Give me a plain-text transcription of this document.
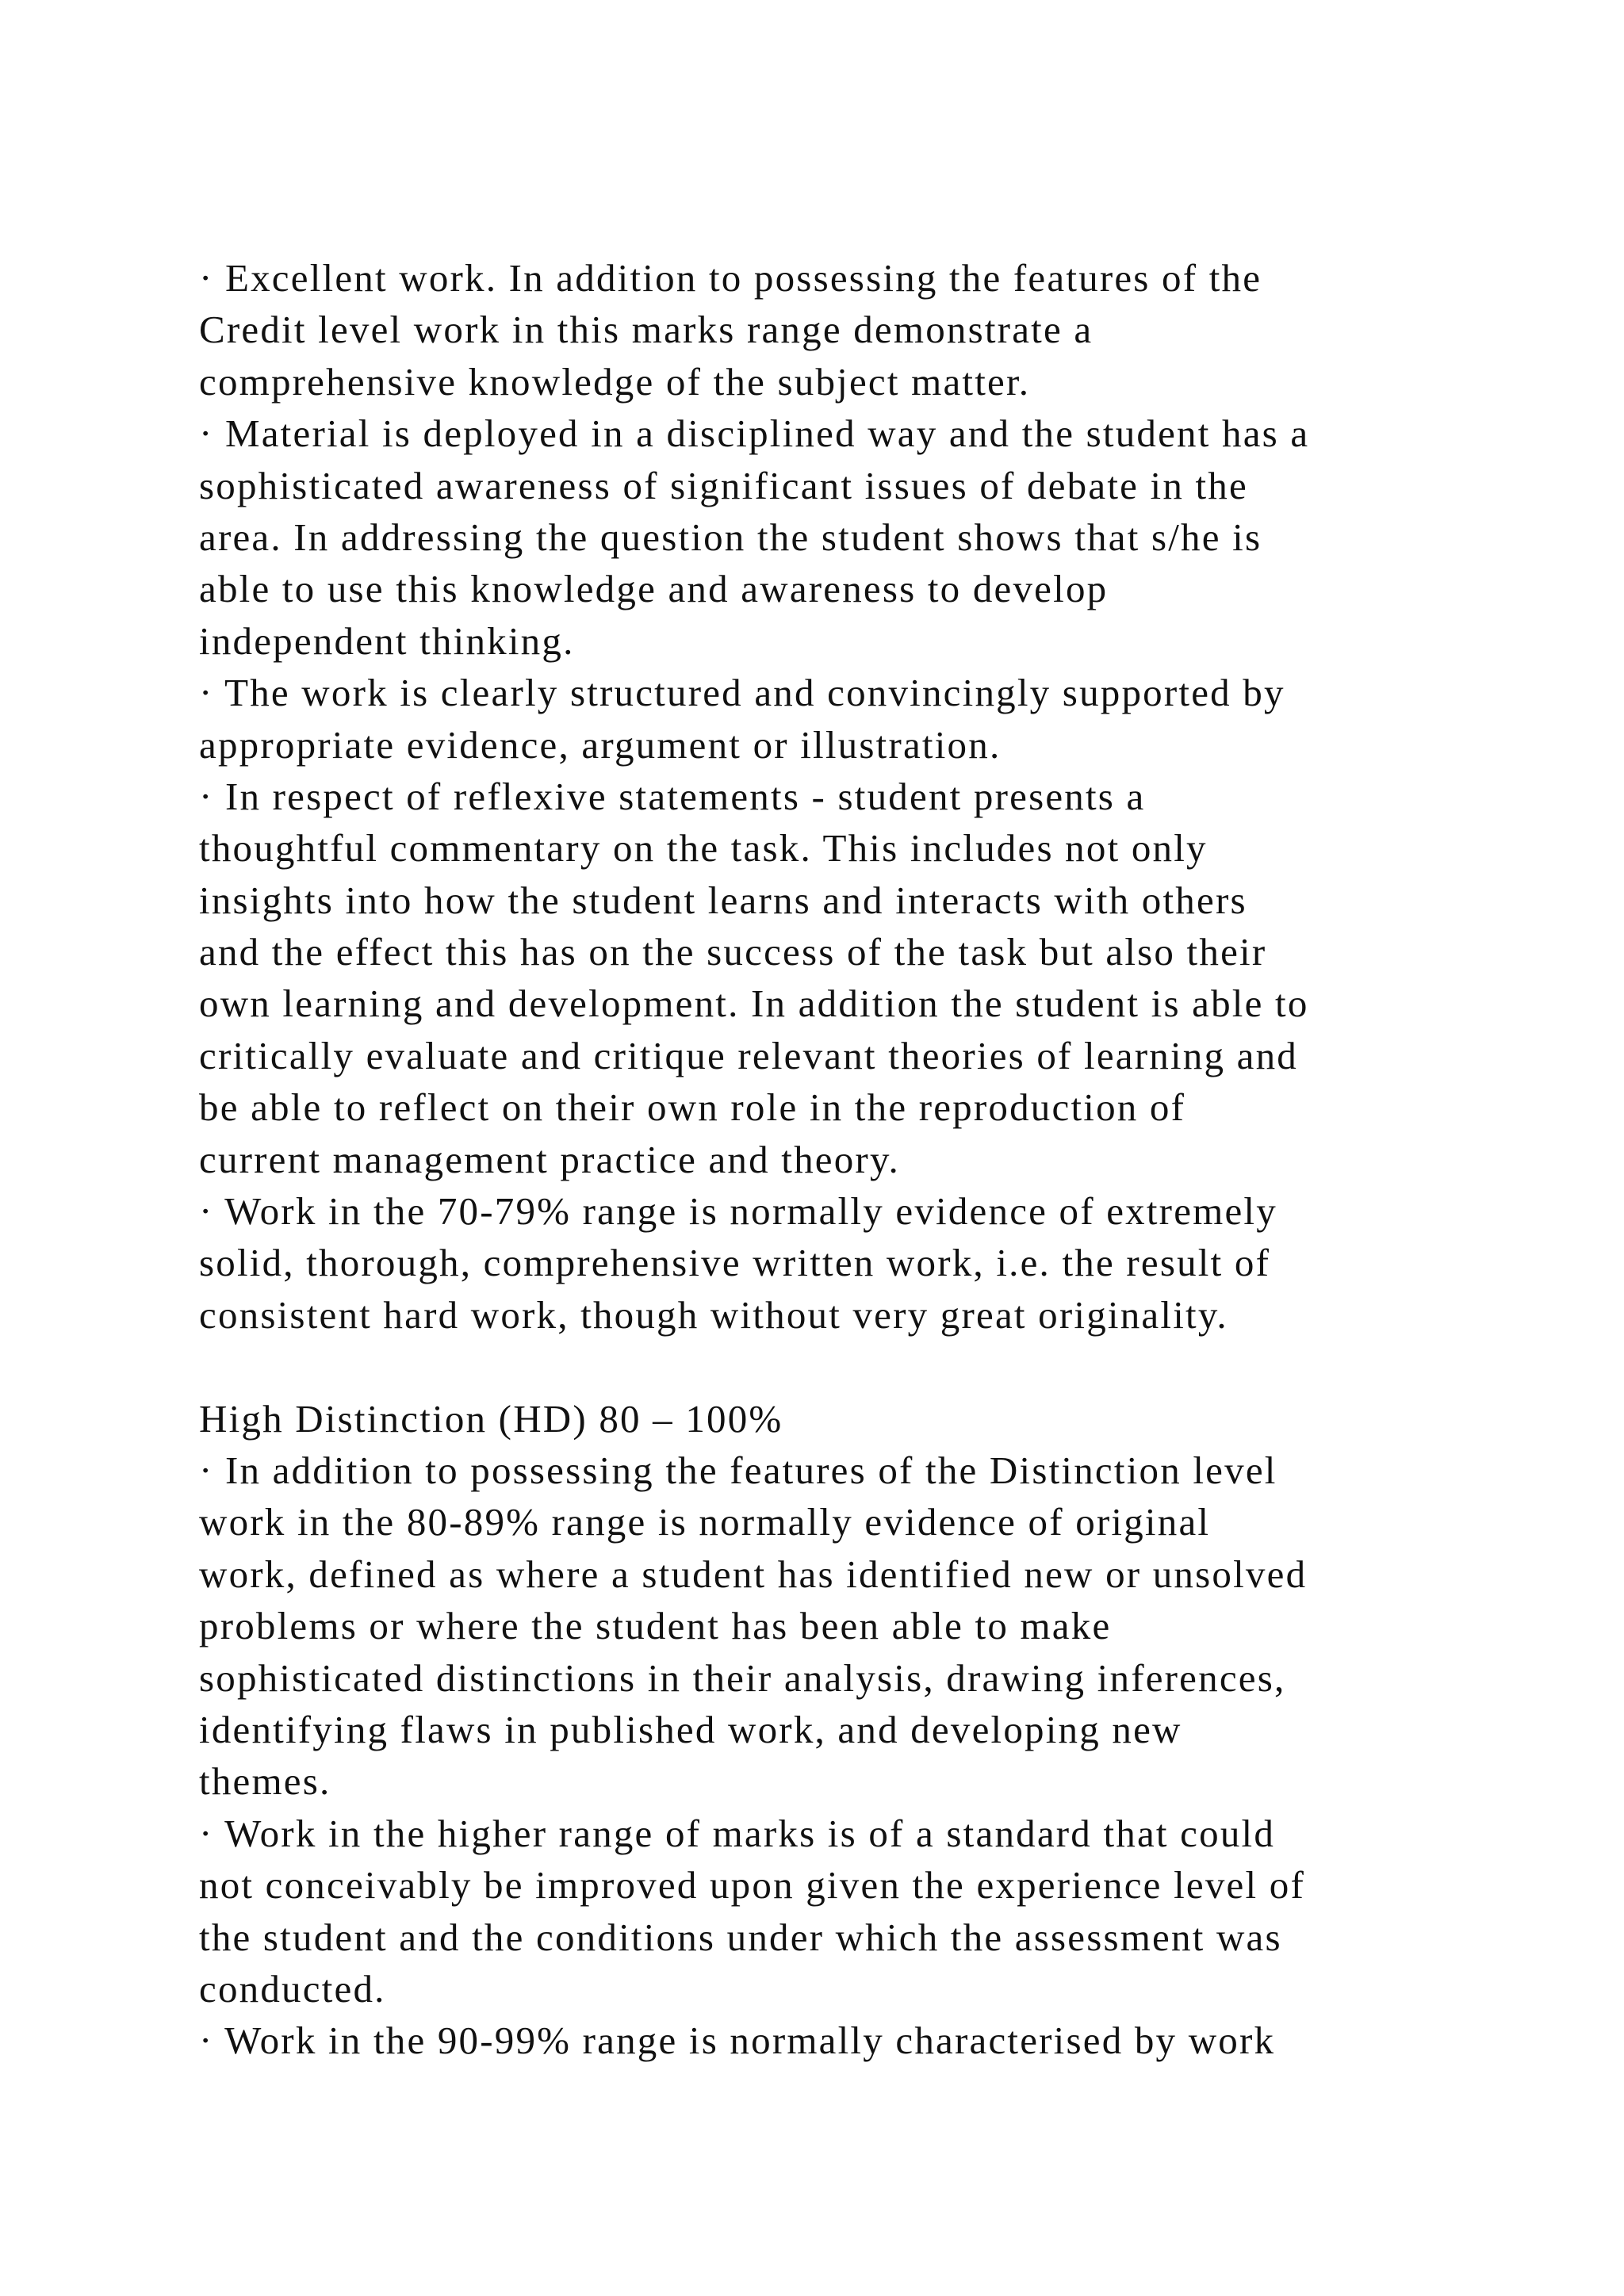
· Excellent work. In addition to possessing the features of the
Credit level work in this marks range demonstrate a
comprehensive knowledge of the subject matter.
· Material is deployed in a disciplined way and the student has a
sophisticated awareness of significant issues of debate in the
area. In addressing the question the student shows that s/he is
able to use this knowledge and awareness to develop
independent thinking.
· The work is clearly structured and convincingly supported by
appropriate evidence, argument or illustration.
· In respect of reflexive statements - student presents a
thoughtful commentary on the task. This includes not only
insights into how the student learns and interacts with others
and the effect this has on the success of the task but also their
own learning and development. In addition the student is able to
critically evaluate and critique relevant theories of learning and
be able to reflect on their own role in the reproduction of
current management practice and theory.
· Work in the 70-79% range is normally evidence of extremely
solid, thorough, comprehensive written work, i.e. the result of
consistent hard work, though without very great originality.
High Distinction (HD) 80 – 100%
· In addition to possessing the features of the Distinction level
work in the 80-89% range is normally evidence of original
work, defined as where a student has identified new or unsolved
problems or where the student has been able to make
sophisticated distinctions in their analysis, drawing inferences,
identifying flaws in published work, and developing new
themes.
· Work in the higher range of marks is of a standard that could
not conceivably be improved upon given the experience level of
the student and the conditions under which the assessment was
conducted.
· Work in the 90-99% range is normally characterised by work
